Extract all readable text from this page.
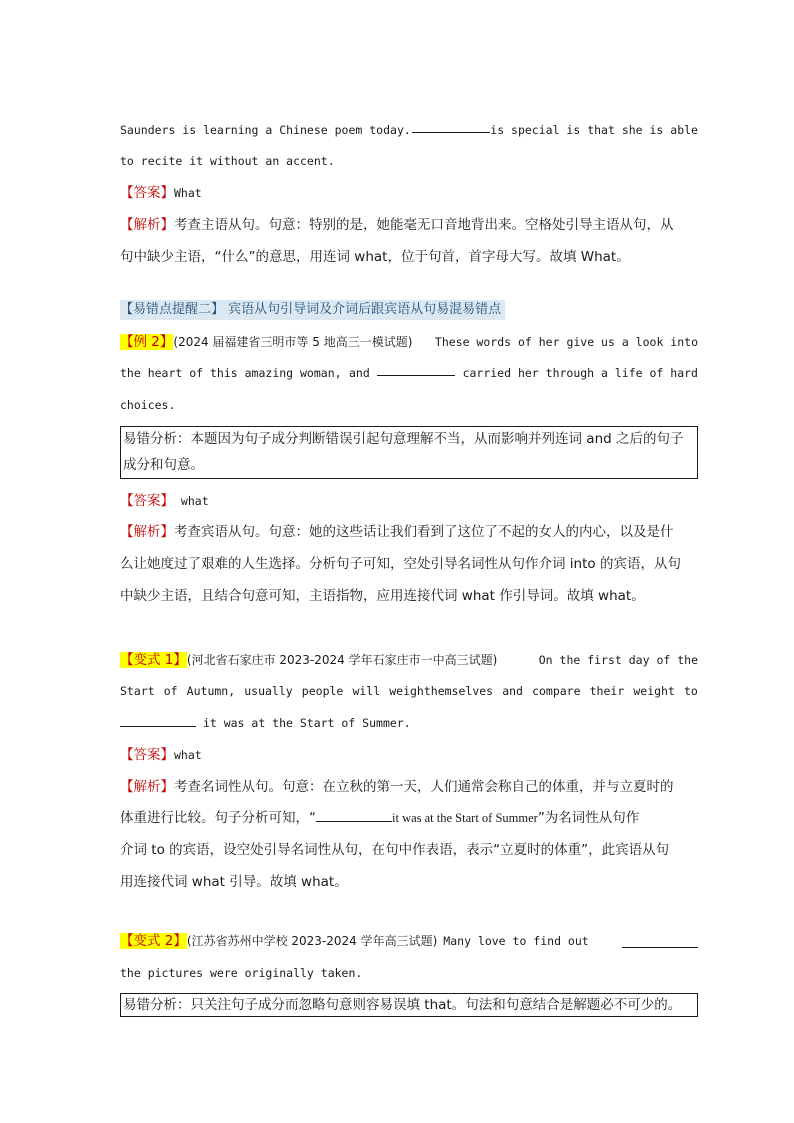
Saunders is learning a Chinese poem today.	is special is that she is able
to recite it without an accent.
【答案】What
【解析】考查主语从句。句意：特别的是，她能毫无口音地背出来。空格处引导主语从句，从
句中缺少主语，“什么”的意思，用连词 what，位于句首，首字母大写。故填 What。
【易错点提醒二】 宾语从句引导词及介词后跟宾语从句易混易错点
【例 2】(2024 届福建省三明市等 5 地高三一模试题) These words of her give us a look into
the heart of this amazing woman, and	carried her through a life of hard
choices.
易错分析：本题因为句子成分判断错误引起句意理解不当，从而影响并列连词 and 之后的句子
成分和句意。
【答案】 what
【解析】考查宾语从句。句意：她的这些话让我们看到了这位了不起的女人的内心，以及是什
么让她度过了艰难的人生选择。分析句子可知，空处引导名词性从句作介词 into 的宾语，从句
中缺少主语，且结合句意可知，主语指物，应用连接代词 what 作引导词。故填 what。
【变式 1】(河北省石家庄市 2023-2024 学年石家庄市一中高三试题)	On the first day of the
Start of Autumn, usually people will weighthemselves and compare their weight to
it was at the Start of Summer.
【答案】what
【解析】考查名词性从句。句意：在立秋的第一天，人们通常会称自己的体重，并与立夏时的
体重进行比较。句子分析可知，“	it was at the Start of Summer”为名词性从句作
介词 to 的宾语，设空处引导名词性从句，在句中作表语，表示“立夏时的体重”，此宾语从句
用连接代词 what 引导。故填 what。
【变式 2】(江苏省苏州中学校 2023-2024 学年高三试题) Many love to find out
the pictures were originally taken.
易错分析：只关注句子成分而忽略句意则容易误填 that。句法和句意结合是解题必不可少的。
